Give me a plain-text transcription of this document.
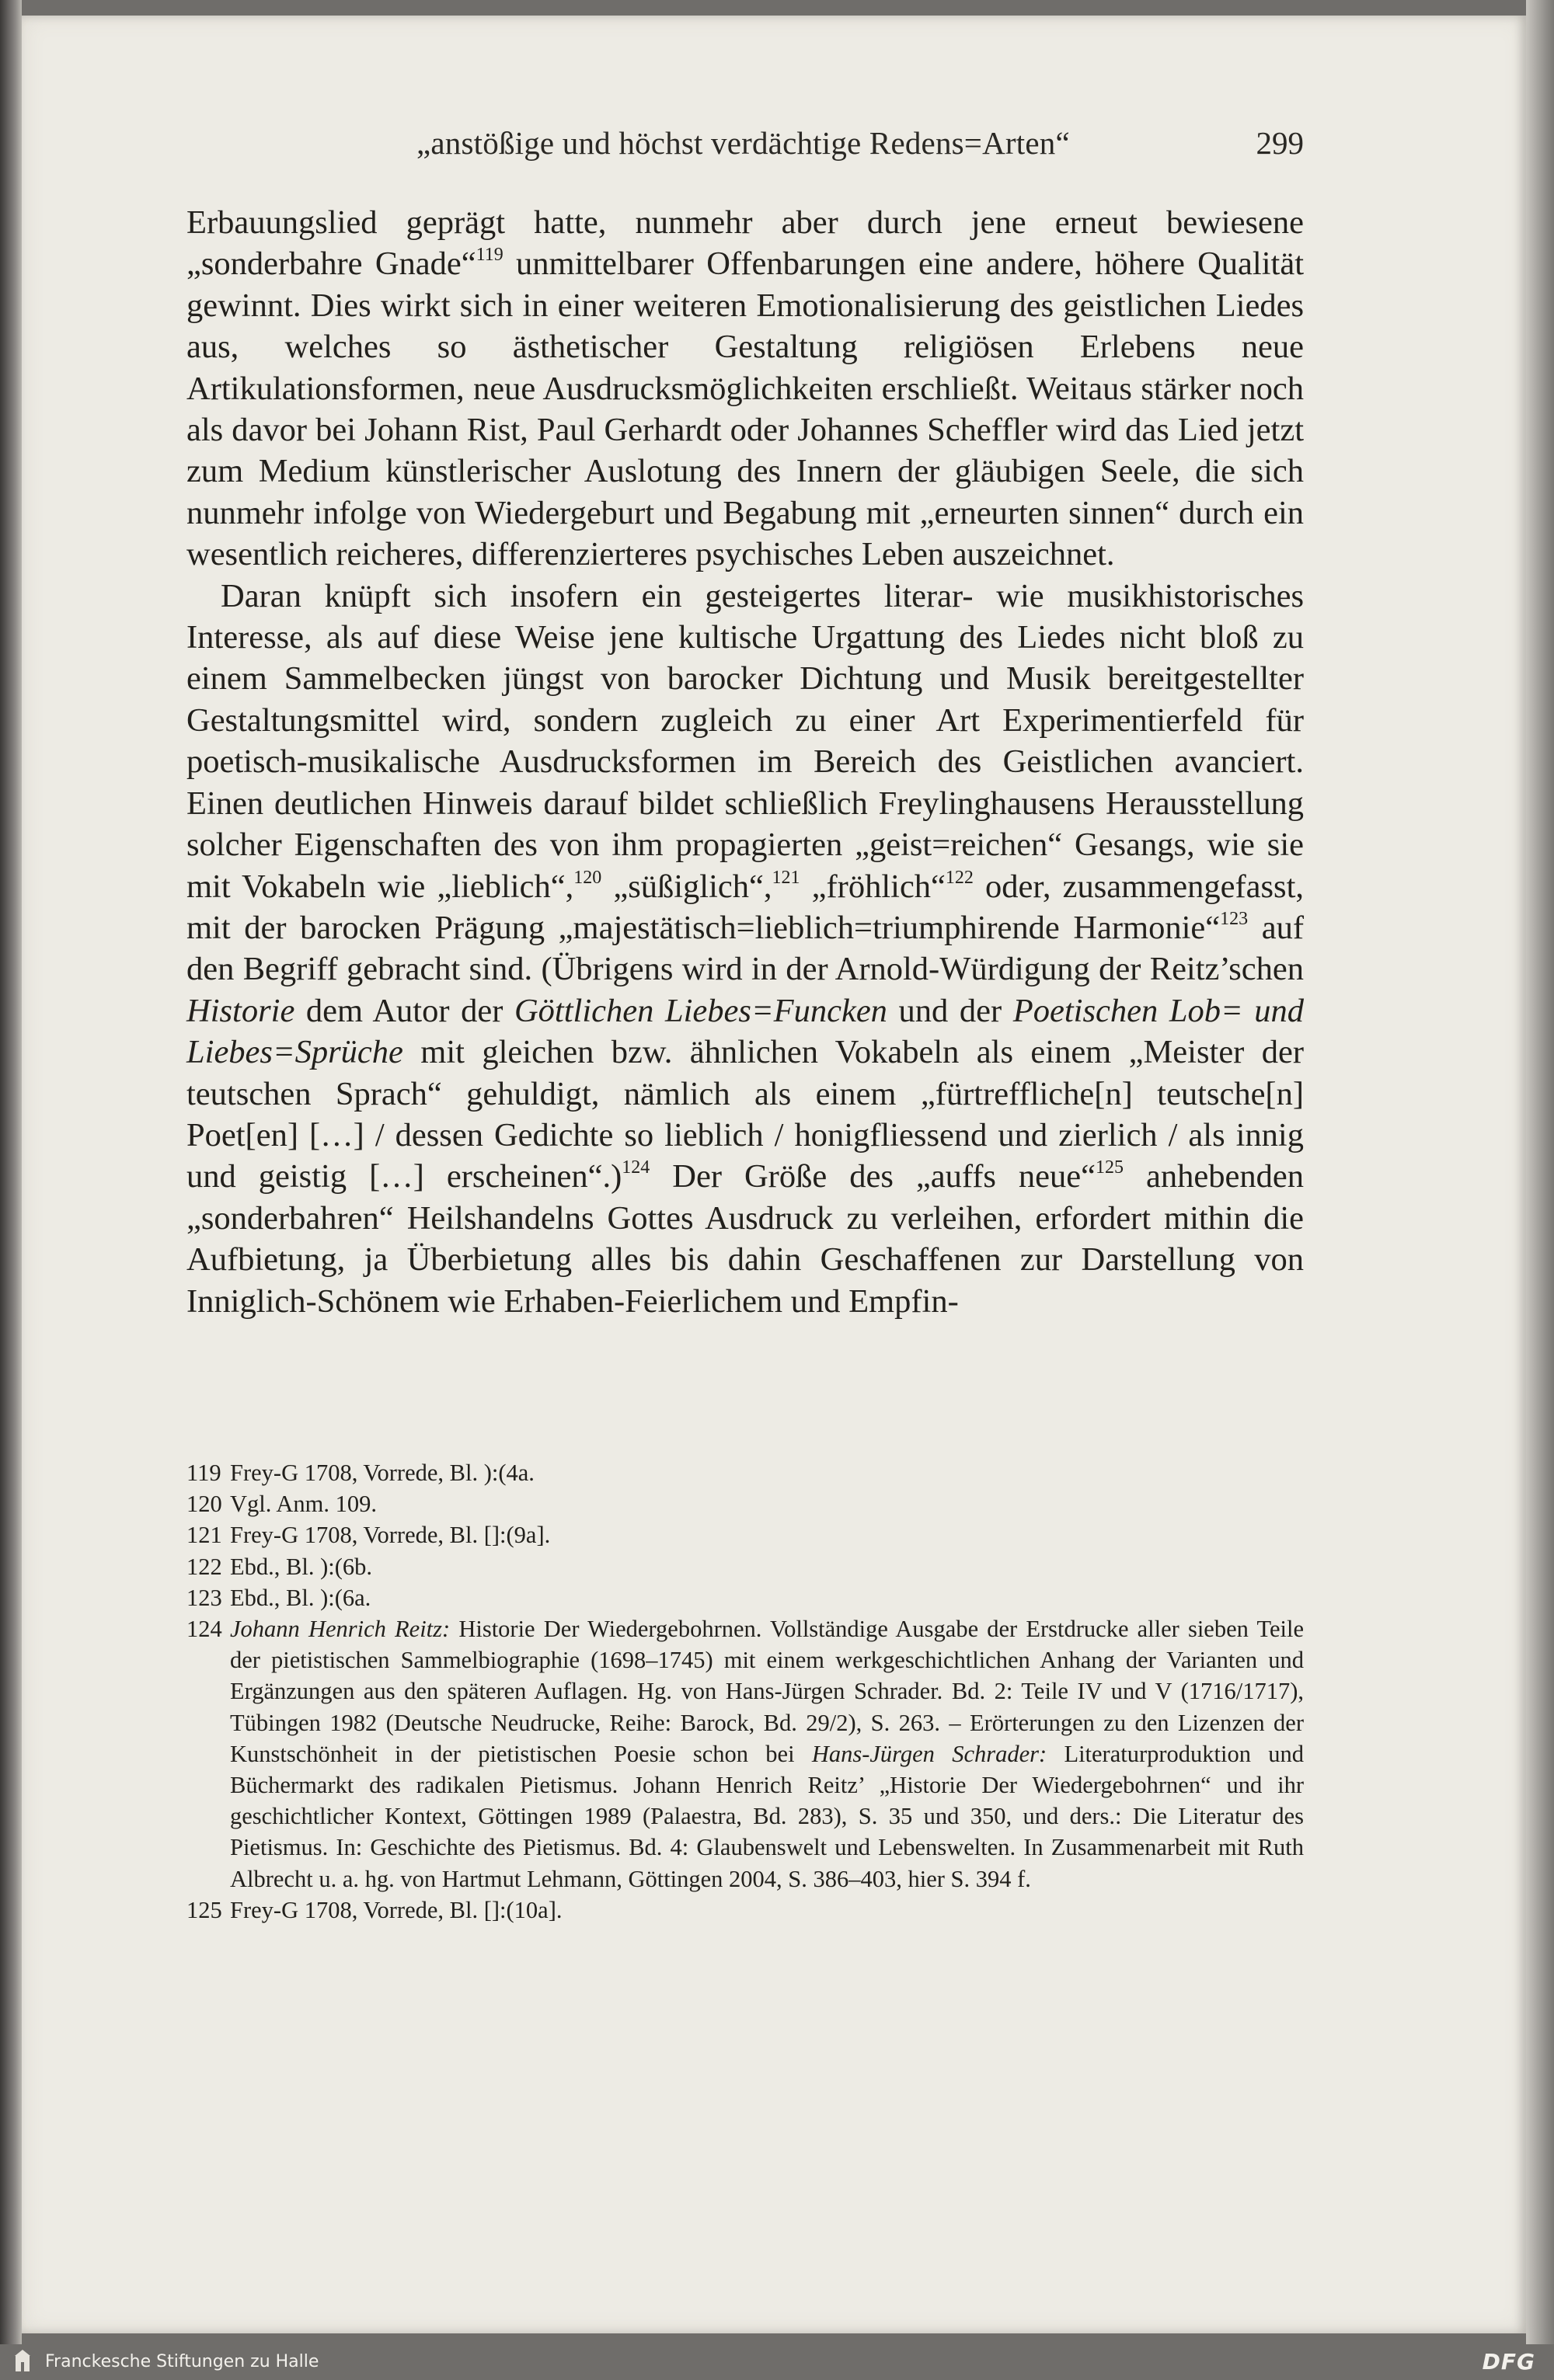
„anstößige und höchst verdächtige Redens=Arten“	299

Erbauungslied geprägt hatte, nunmehr aber durch jene erneut bewiesene „sonderbahre Gnade“$^{119}$ unmittelbarer Offenbarungen eine andere, höhere Qualität gewinnt. Dies wirkt sich in einer weiteren Emotionalisierung des geistlichen Liedes aus, welches so ästhetischer Gestaltung religiösen Erlebens neue Artikulationsformen, neue Ausdrucksmöglichkeiten erschließt. Weitaus stärker noch als davor bei Johann Rist, Paul Gerhardt oder Johannes Scheffler wird das Lied jetzt zum Medium künstlerischer Auslotung des Innern der gläubigen Seele, die sich nunmehr infolge von Wiedergeburt und Begabung mit „erneurten sinnen“ durch ein wesentlich reicheres, differenzierteres psychisches Leben auszeichnet.

Daran knüpft sich insofern ein gesteigertes literar- wie musikhistorisches Interesse, als auf diese Weise jene kultische Urgattung des Liedes nicht bloß zu einem Sammelbecken jüngst von barocker Dichtung und Musik bereitgestellter Gestaltungsmittel wird, sondern zugleich zu einer Art Experimentierfeld für poetisch-musikalische Ausdrucksformen im Bereich des Geistlichen avanciert. Einen deutlichen Hinweis darauf bildet schließlich Freylinghausens Herausstellung solcher Eigenschaften des von ihm propagierten „geist=reichen“ Gesangs, wie sie mit Vokabeln wie „lieblich“,$^{120}$ „süßiglich“,$^{121}$ „fröhlich“$^{122}$ oder, zusammengefasst, mit der barocken Prägung „majestätisch=lieblich=triumphirende Harmonie“$^{123}$ auf den Begriff gebracht sind. (Übrigens wird in der Arnold-Würdigung der Reitz’schen Historie dem Autor der Göttlichen Liebes=Funcken und der Poetischen Lob= und Liebes=Sprüche mit gleichen bzw. ähnlichen Vokabeln als einem „Meister der teutschen Sprach“ gehuldigt, nämlich als einem „fürtreffliche[n] teutsche[n] Poet[en] […] / dessen Gedichte so lieblich / honigfliessend und zierlich / als innig und geistig […] erscheinen“.)$^{124}$ Der Größe des „auffs neue“$^{125}$ anhebenden „sonderbahren“ Heilshandelns Gottes Ausdruck zu verleihen, erfordert mithin die Aufbietung, ja Überbietung alles bis dahin Geschaffenen zur Darstellung von Inniglich-Schönem wie Erhaben-Feierlichem und Empfin-

119 Frey-G 1708, Vorrede, Bl. ):(4a.

120 Vgl. Anm. 109.

121 Frey-G 1708, Vorrede, Bl. []:(9a].

122 Ebd., Bl. ):(6b.

123 Ebd., Bl. ):(6a.

124 Johann Henrich Reitz: Historie Der Wiedergebohrnen. Vollständige Ausgabe der Erstdrucke aller sieben Teile der pietistischen Sammelbiographie (1698–1745) mit einem werkgeschichtlichen Anhang der Varianten und Ergänzungen aus den späteren Auflagen. Hg. von Hans-Jürgen Schrader. Bd. 2: Teile IV und V (1716/1717), Tübingen 1982 (Deutsche Neudrucke, Reihe: Barock, Bd. 29/2), S. 263. – Erörterungen zu den Lizenzen der Kunstschönheit in der pietistischen Poesie schon bei Hans-Jürgen Schrader: Literaturproduktion und Büchermarkt des radikalen Pietismus. Johann Henrich Reitz’ „Historie Der Wiedergebohrnen“ und ihr geschichtlicher Kontext, Göttingen 1989 (Palaestra, Bd. 283), S. 35 und 350, und ders.: Die Literatur des Pietismus. In: Geschichte des Pietismus. Bd. 4: Glaubenswelt und Lebenswelten. In Zusammenarbeit mit Ruth Albrecht u. a. hg. von Hartmut Lehmann, Göttingen 2004, S. 386–403, hier S. 394 f.

125 Frey-G 1708, Vorrede, Bl. []:(10a].

Franckesche Stiftungen zu Halle	DFG
